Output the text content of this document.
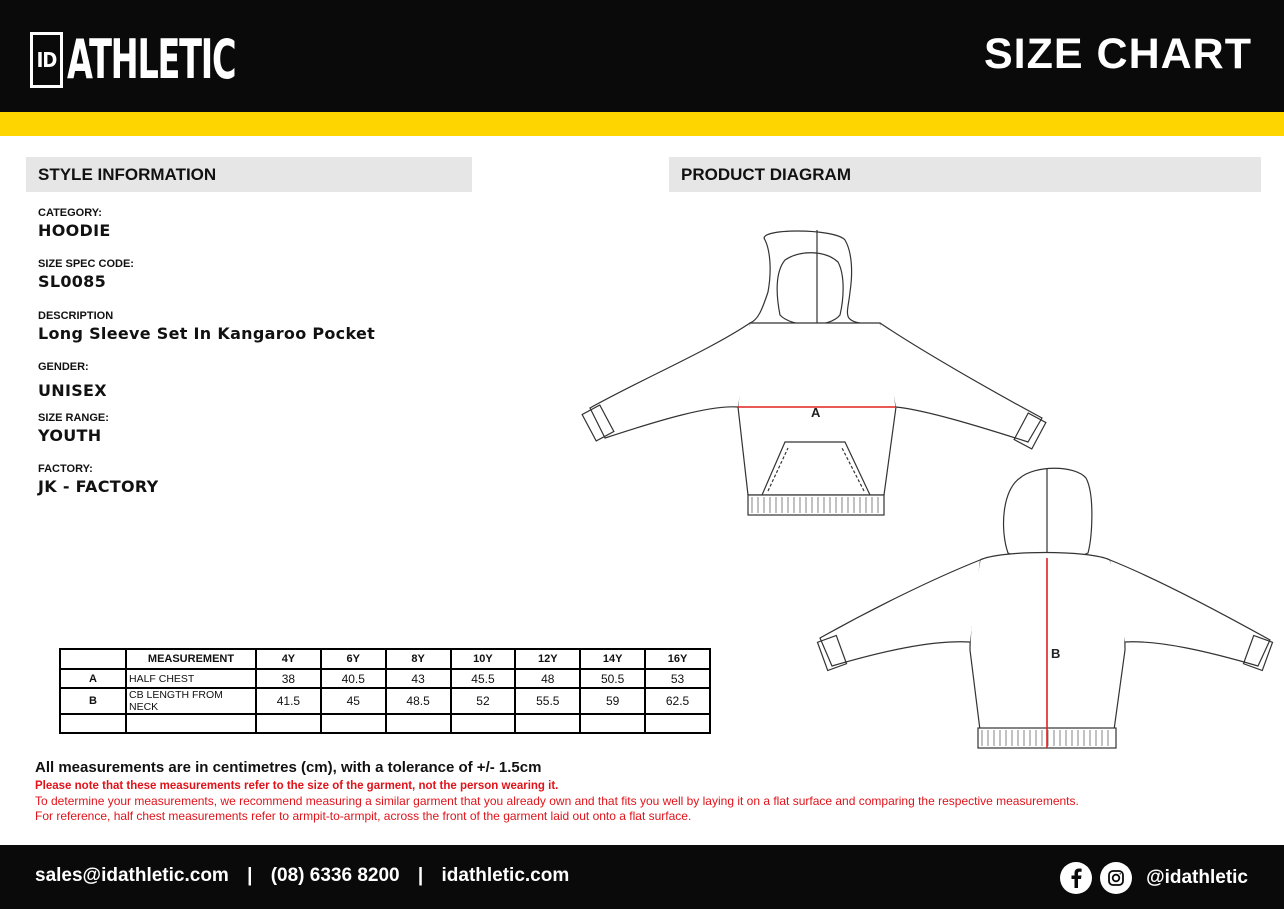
ID ATHLETIC	SIZE CHART
STYLE INFORMATION
CATEGORY:
HOODIE
SIZE SPEC CODE:
SL0085
DESCRIPTION
Long Sleeve Set In Kangaroo Pocket
GENDER:
UNISEX
SIZE RANGE:
YOUTH
FACTORY:
JK - FACTORY
PRODUCT DIAGRAM
A
B
	MEASUREMENT	4Y	6Y	8Y	10Y	12Y	14Y	16Y
A	HALF CHEST	38	40.5	43	45.5	48	50.5	53
B	CB LENGTH FROM NECK	41.5	45	48.5	52	55.5	59	62.5

All measurements are in centimetres (cm), with a tolerance of +/- 1.5cm
Please note that these measurements refer to the size of the garment, not the person wearing it.
To determine your measurements, we recommend measuring a similar garment that you already own and that fits you well by laying it on a flat surface and comparing the respective measurements.
For reference, half chest measurements refer to armpit-to-armpit, across the front of the garment laid out onto a flat surface.
sales@idathletic.com | (08) 6336 8200 | idathletic.com	@idathletic
